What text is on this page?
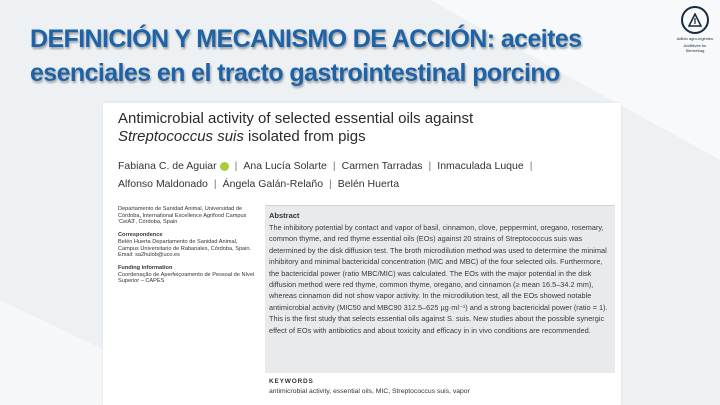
DEFINICIÓN Y MECANISMO DE ACCIÓN: aceites esenciales en el tracto gastrointestinal porcino
Adibio agro-ingénieu
Addiltivés for Sternetrag
Antimicrobial activity of selected essential oils against
Streptococcus suis isolated from pigs
Fabiana C. de Aguiar | Ana Lucía Solarte | Carmen Tarradas | Inmaculada Luque |
Alfonso Maldonado | Ángela Galán-Relaño | Belén Huerta
Departamento de Sanidad Animal, Universidad de Córdoba, International Excellence Agrifood Campus 'CeiA3', Córdoba, Spain
Correspondence
Belén Huerta Departamento de Sanidad Animal, Campus Universitario de Rabanales, Córdoba, Spain. Email: sa2hulob@uco.es
Funding information
Coordenação de Aperfeiçoamento de Pessoal de Nível Superior – CAPES

Abstract

The inhibitory potential by contact and vapor of basil, cinnamon, clove, peppermint, oregano, rosemary, common thyme, and red thyme essential oils (EOs) against 20 strains of Streptococcus suis was determined by the disk diffusion test. The broth microdilution method was used to determine the minimal inhibitory and minimal bactericidal concentration (MIC and MBC) of the four selected oils. Furthermore, the bactericidal power (ratio MBC/MIC) was calculated. The EOs with the major potential in the disk diffusion method were red thyme, common thyme, oregano, and cinnamon (≥ mean 16.5–34.2 mm), whereas cinnamon did not show vapor activity. In the microdilution test, all the EOs showed notable antimicrobial activity (MIC50 and MBC90 312.5–625 µg·ml⁻¹) and a strong bactericidal power (ratio = 1). This is the first study that selects essential oils against S. suis. New studies about the possible synergic effect of EOs with antibiotics and about toxicity and efficacy in in vivo conditions are recommended.

KEYWORDS
antimicrobial activity, essential oils, MIC, Streptococcus suis, vapor
